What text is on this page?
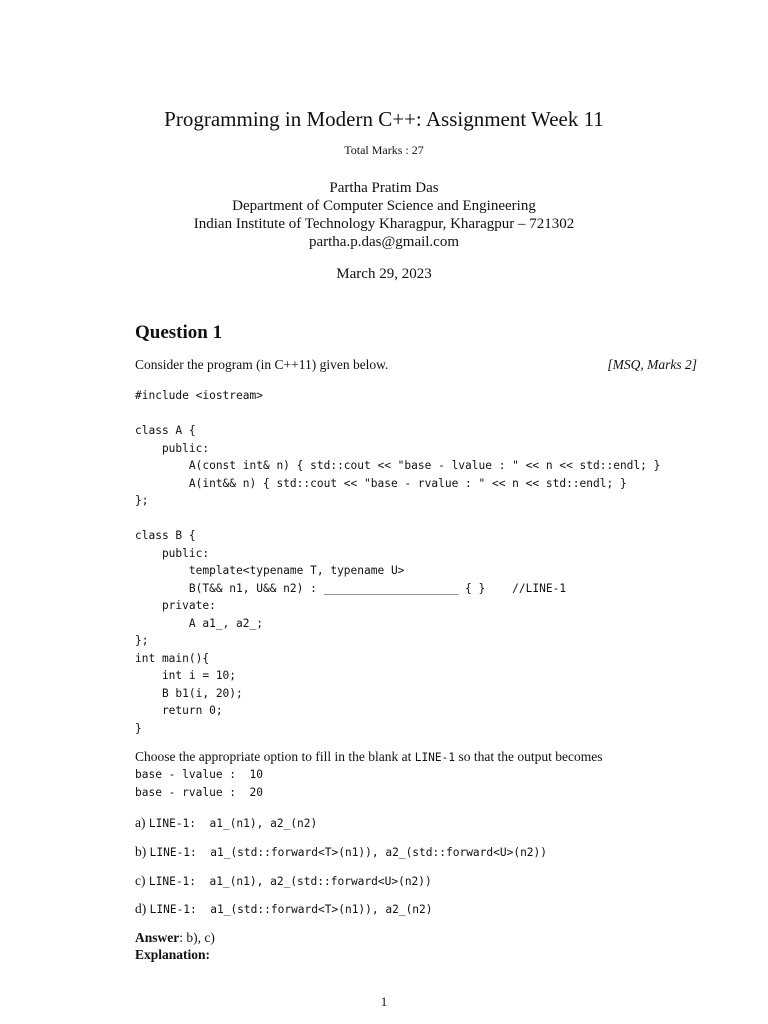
Programming in Modern C++: Assignment Week 11
Total Marks : 27
Partha Pratim Das
Department of Computer Science and Engineering
Indian Institute of Technology Kharagpur, Kharagpur – 721302
partha.p.das@gmail.com
March 29, 2023
Question 1
Consider the program (in C++11) given below.	[MSQ, Marks 2]
#include <iostream>

class A {
public:
A(const int& n) { std::cout << "base - lvalue : " << n << std::endl; }
A(int&& n) { std::cout << "base - rvalue : " << n << std::endl; }
};

class B {
public:
template<typename T, typename U>
B(T&& n1, U&& n2) : ____________________ { }    //LINE-1
private:
A a1_, a2_;
};
int main(){
int i = 10;
B b1(i, 20);
return 0;
}
Choose the appropriate option to fill in the blank at LINE-1 so that the output becomes
base - lvalue :  10
base - rvalue :  20
a) LINE-1:  a1_(n1), a2_(n2)
b) LINE-1:  a1_(std::forward<T>(n1)), a2_(std::forward<U>(n2))
c) LINE-1:  a1_(n1), a2_(std::forward<U>(n2))
d) LINE-1:  a1_(std::forward<T>(n1)), a2_(n2)
Answer: b), c)
Explanation:
1
